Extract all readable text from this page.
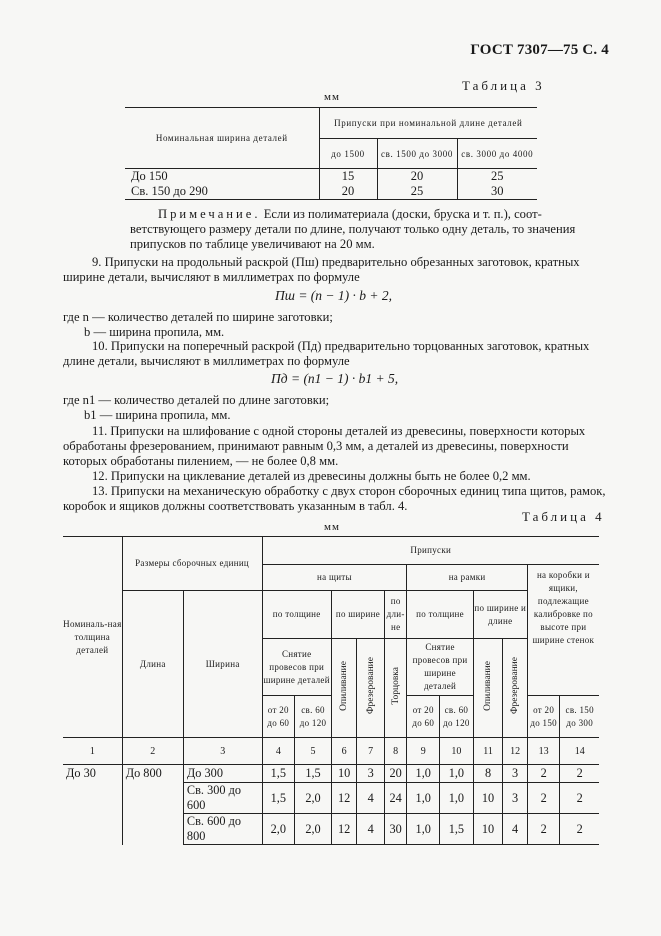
ГОСТ 7307—75 С. 4
Таблица 3
мм
Номинальная ширина деталей	Припуски при номинальной длине деталей		
	до 1500	св. 1500 до 3000	св. 3000 до 4000
До 150	15	20	25
Св. 150 до 290	20	25	30
Примечание. Если из полиматериала (доски, бруска и т. п.), соот-
ветствующего размеру детали по длине, получают только одну деталь, то значения
припусков по таблице увеличивают на 20 мм.
9. Припуски на продольный раскрой (Пш) предварительно обрезанных заготовок, кратных
ширине детали, вычисляют в миллиметрах по формуле
Пш = (n − 1) · b + 2,
где n — количество деталей по ширине заготовки;
b — ширина пропила, мм.
10. Припуски на поперечный раскрой (Пд) предварительно торцованных заготовок, кратных
длине детали, вычисляют в миллиметрах по формуле
Пд = (n1 − 1) · b1 + 5,
где n1 — количество деталей по длине заготовки;
b1 — ширина пропила, мм.
11. Припуски на шлифование с одной стороны деталей из древесины, поверхности которых
обработаны фрезерованием, принимают равным 0,3 мм, а деталей из древесины, поверхности
которых обработаны пилением, — не более 0,8 мм.
12. Припуски на циклевание деталей из древесины должны быть не более 0,2 мм.
13. Припуски на механическую обработку с двух сторон сборочных единиц типа щитов, рамок,
коробок и ящиков должны соответствовать указанным в табл. 4.
Таблица 4
мм
Номиналь-ная толщина деталей	Размеры сборочных единиц		Припуски										
			на щиты					на рамки				на коробки и ящики, подлежащие калибровке по высоте при ширине стенок	
	Длина	Ширина	по толщине		по ширине		по дли-не	по толщине		по ширине и длине			
			Снятие провесов при ширине деталей		Опиливание	Фрезерование	Торцовка	Снятие провесов при ширине деталей		Опиливание	Фрезерование		
			от 20 до 60	св. 60 до 120				от 20 до 60	св. 60 до 120			от 20 до 150	св. 150 до 300
1	2	3	4	5	6	7	8	9	10	11	12	13	14
До 30	До 800	До 300	1,5	1,5	10	3	20	1,0	1,0	8	3	2	2
		Св. 300 до 600	1,5	2,0	12	4	24	1,0	1,0	10	3	2	2
		Св. 600 до 800	2,0	2,0	12	4	30	1,0	1,5	10	4	2	2
